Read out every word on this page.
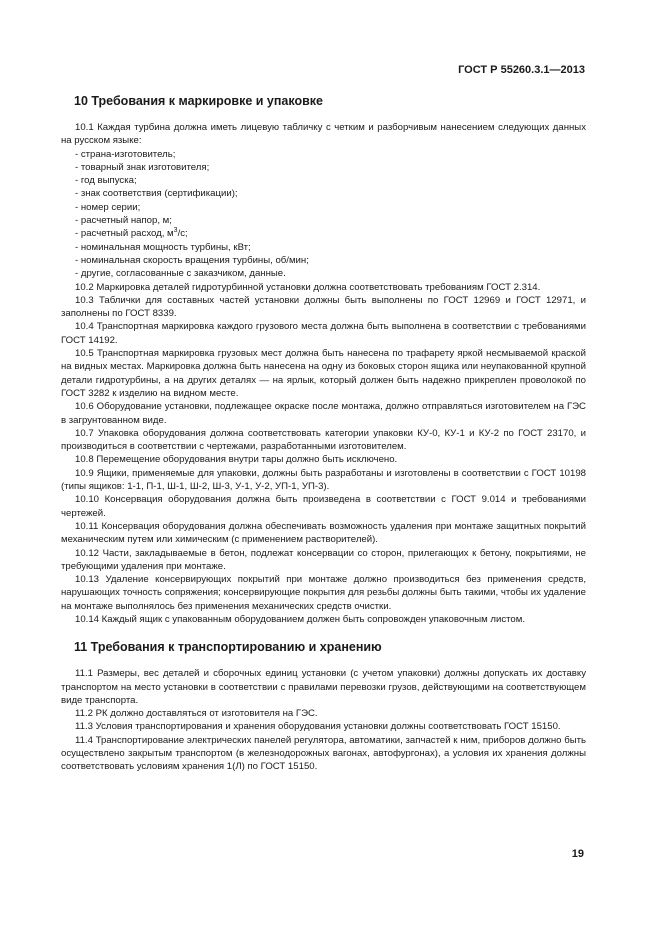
ГОСТ Р 55260.3.1—2013
10 Требования к маркировке и упаковке

10.1 Каждая турбина должна иметь лицевую табличку с четким и разборчивым нанесением следующих данных на русском языке:

- страна-изготовитель;

- товарный знак изготовителя;

- год выпуска;

- знак соответствия (сертификации);

- номер серии;

- расчетный напор, м;

- расчетный расход, $м^3/с$;

- номинальная мощность турбины, кВт;

- номинальная скорость вращения турбины, об/мин;

- другие, согласованные с заказчиком, данные.

10.2 Маркировка деталей гидротурбинной установки должна соответствовать требованиям ГОСТ 2.314.

10.3 Таблички для составных частей установки должны быть выполнены по ГОСТ 12969 и ГОСТ 12971, и заполнены по ГОСТ 8339.

10.4 Транспортная маркировка каждого грузового места должна быть выполнена в соответствии с требованиями ГОСТ 14192.

10.5 Транспортная маркировка грузовых мест должна быть нанесена по трафарету яркой несмываемой краской на видных местах. Маркировка должна быть нанесена на одну из боковых сторон ящика или неупакованной крупной детали гидротурбины, а на других деталях — на ярлык, который должен быть надежно прикреплен проволокой по ГОСТ 3282 к изделию на видном месте.

10.6 Оборудование установки, подлежащее окраске после монтажа, должно отправляться изготовителем на ГЭС в загрунтованном виде.

10.7 Упаковка оборудования должна соответствовать категории упаковки КУ-0, КУ-1 и КУ-2 по ГОСТ 23170, и производиться в соответствии с чертежами, разработанными изготовителем.

10.8 Перемещение оборудования внутри тары должно быть исключено.

10.9 Ящики, применяемые для упаковки, должны быть разработаны и изготовлены в соответствии с ГОСТ 10198 (типы ящиков: 1-1, П-1, Ш-1, Ш-2, Ш-3, У-1, У-2, УП-1, УП-3).

10.10 Консервация оборудования должна быть произведена в соответствии с ГОСТ 9.014 и требованиями чертежей.

10.11 Консервация оборудования должна обеспечивать возможность удаления при монтаже защитных покрытий механическим путем или химическим (с применением растворителей).

10.12 Части, закладываемые в бетон, подлежат консервации со сторон, прилегающих к бетону, покрытиями, не требующими удаления при монтаже.

10.13 Удаление консервирующих покрытий при монтаже должно производиться без применения средств, нарушающих точность сопряжения; консервирующие покрытия для резьбы должны быть такими, чтобы их удаление на монтаже выполнялось без применения механических средств очистки.

10.14 Каждый ящик с упакованным оборудованием должен быть сопровожден упаковочным листом.

11 Требования к транспортированию и хранению

11.1 Размеры, вес деталей и сборочных единиц установки (с учетом упаковки) должны допускать их доставку транспортом на место установки в соответствии с правилами перевозки грузов, действующими на соответствующем виде транспорта.

11.2 РК должно доставляться от изготовителя на ГЭС.

11.3 Условия транспортирования и хранения оборудования установки должны соответствовать ГОСТ 15150.

11.4 Транспортирование электрических панелей регулятора, автоматики, запчастей к ним, приборов должно быть осуществлено закрытым транспортом (в железнодорожных вагонах, автофургонах), а условия их хранения должны соответствовать условиям хранения 1(Л) по ГОСТ 15150.

19
